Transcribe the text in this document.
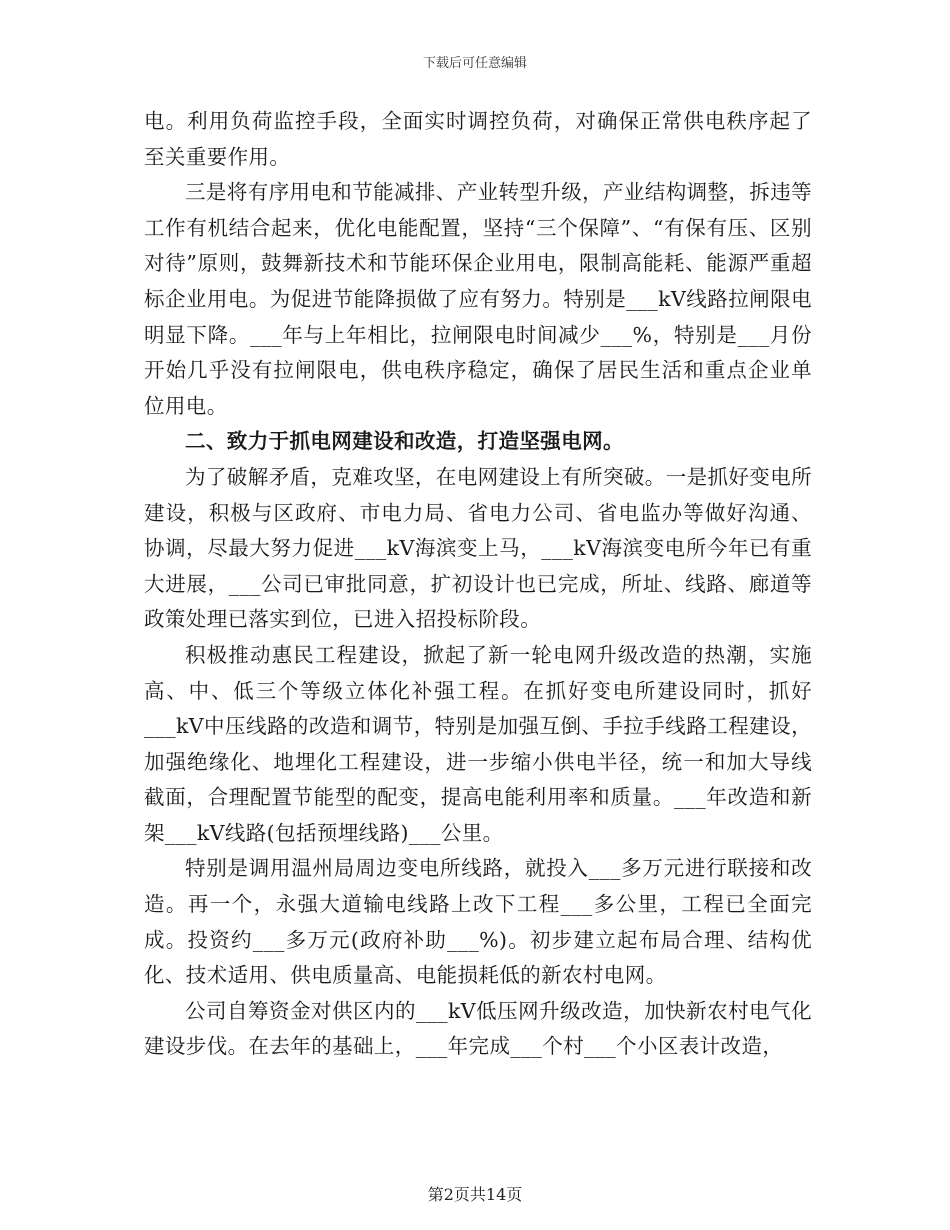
下载后可任意编辑

电。利用负荷监控手段，全面实时调控负荷，对确保正常供电秩序起了至关重要作用。

三是将有序用电和节能减排、产业转型升级，产业结构调整，拆违等工作有机结合起来，优化电能配置，坚持“三个保障”、“有保有压、区别对待”原则，鼓舞新技术和节能环保企业用电，限制高能耗、能源严重超标企业用电。为促进节能降损做了应有努力。特别是___kV线路拉闸限电明显下降。___年与上年相比，拉闸限电时间减少___%，特别是___月份开始几乎没有拉闸限电，供电秩序稳定，确保了居民生活和重点企业单位用电。

二、致力于抓电网建设和改造，打造坚强电网。

为了破解矛盾，克难攻坚，在电网建设上有所突破。一是抓好变电所建设，积极与区政府、市电力局、省电力公司、省电监办等做好沟通、协调，尽最大努力促进___kV海滨变上马，___kV海滨变电所今年已有重大进展，___公司已审批同意，扩初设计也已完成，所址、线路、廊道等政策处理已落实到位，已进入招投标阶段。

积极推动惠民工程建设，掀起了新一轮电网升级改造的热潮，实施高、中、低三个等级立体化补强工程。在抓好变电所建设同时，抓好___kV中压线路的改造和调节，特别是加强互倒、手拉手线路工程建设，加强绝缘化、地埋化工程建设，进一步缩小供电半径，统一和加大导线截面，合理配置节能型的配变，提高电能利用率和质量。___年改造和新架___kV线路(包括预埋线路)___公里。

特别是调用温州局周边变电所线路，就投入___多万元进行联接和改造。再一个，永强大道输电线路上改下工程___多公里，工程已全面完成。投资约___多万元(政府补助___%)。初步建立起布局合理、结构优化、技术适用、供电质量高、电能损耗低的新农村电网。

公司自筹资金对供区内的___kV低压网升级改造，加快新农村电气化建设步伐。在去年的基础上，___年完成___个村___个小区表计改造，

第2页共14页
